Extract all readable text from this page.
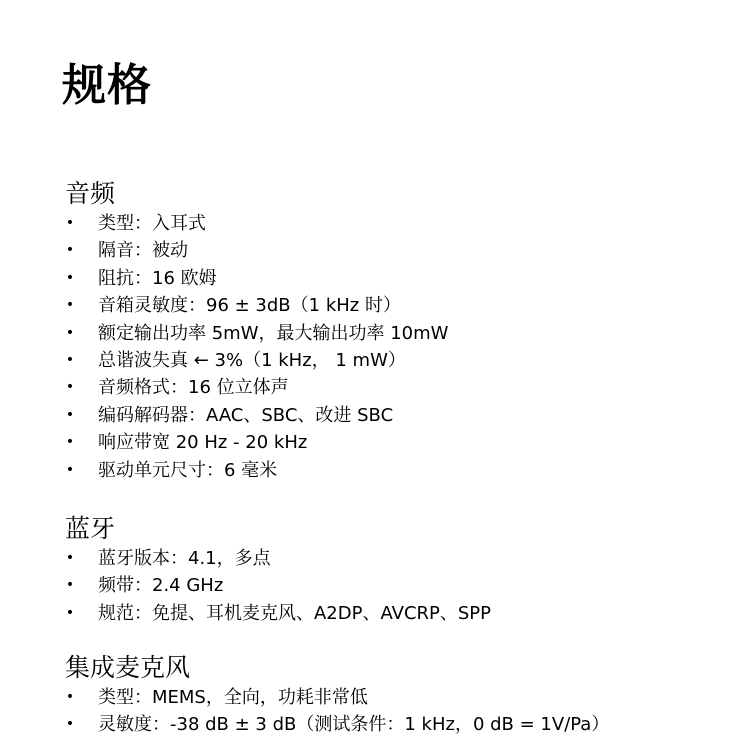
规格
音频
• 类型：入耳式
• 隔音：被动
• 阻抗：16 欧姆
• 音箱灵敏度：96 ± 3dB（1 kHz 时）
• 额定输出功率 5mW，最大输出功率 10mW
• 总谐波失真 ← 3%（1 kHz， 1 mW）
• 音频格式：16 位立体声
• 编码解码器：AAC、SBC、改进 SBC
• 响应带宽 20 Hz - 20 kHz
• 驱动单元尺寸：6 毫米
蓝牙
• 蓝牙版本：4.1，多点
• 频带：2.4 GHz
• 规范：免提、耳机麦克风、A2DP、AVCRP、SPP
集成麦克风
• 类型：MEMS，全向，功耗非常低
• 灵敏度：-38 dB ± 3 dB（测试条件：1 kHz，0 dB = 1V/Pa）
